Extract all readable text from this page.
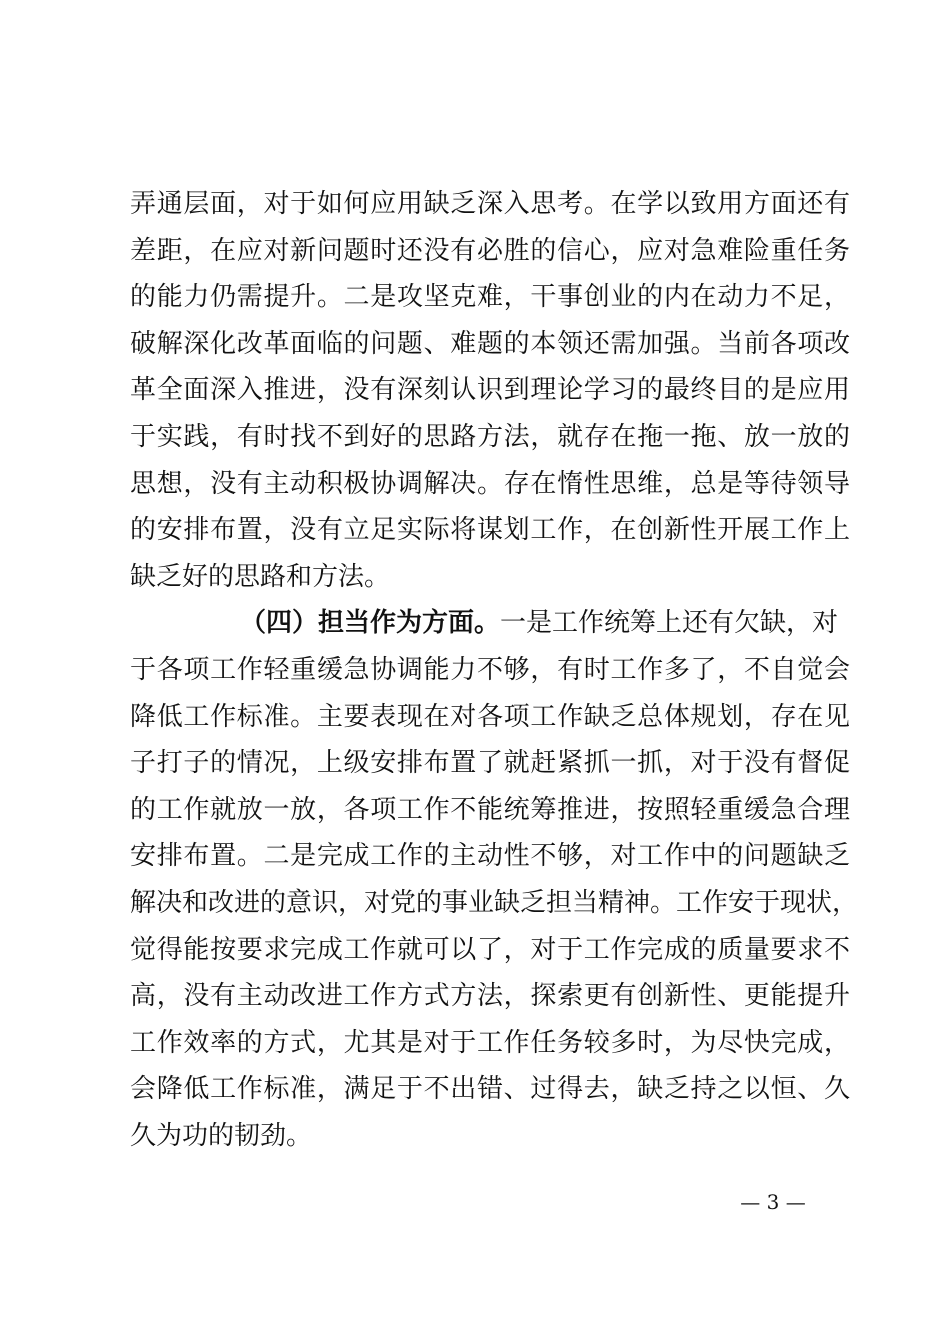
弄通层面，对于如何应用缺乏深入思考。在学以致用方面还有
差距，在应对新问题时还没有必胜的信心，应对急难险重任务
的能力仍需提升。二是攻坚克难，干事创业的内在动力不足，
破解深化改革面临的问题、难题的本领还需加强。当前各项改
革全面深入推进，没有深刻认识到理论学习的最终目的是应用
于实践，有时找不到好的思路方法，就存在拖一拖、放一放的
思想，没有主动积极协调解决。存在惰性思维，总是等待领导
的安排布置，没有立足实际将谋划工作，在创新性开展工作上
缺乏好的思路和方法。
（四）担当作为方面。一是工作统筹上还有欠缺，对
于各项工作轻重缓急协调能力不够，有时工作多了，不自觉会
降低工作标准。主要表现在对各项工作缺乏总体规划，存在见
子打子的情况，上级安排布置了就赶紧抓一抓，对于没有督促
的工作就放一放，各项工作不能统筹推进，按照轻重缓急合理
安排布置。二是完成工作的主动性不够，对工作中的问题缺乏
解决和改进的意识，对党的事业缺乏担当精神。工作安于现状，
觉得能按要求完成工作就可以了，对于工作完成的质量要求不
高，没有主动改进工作方式方法，探索更有创新性、更能提升
工作效率的方式，尤其是对于工作任务较多时，为尽快完成，
会降低工作标准，满足于不出错、过得去，缺乏持之以恒、久
久为功的韧劲。
— 3 —
